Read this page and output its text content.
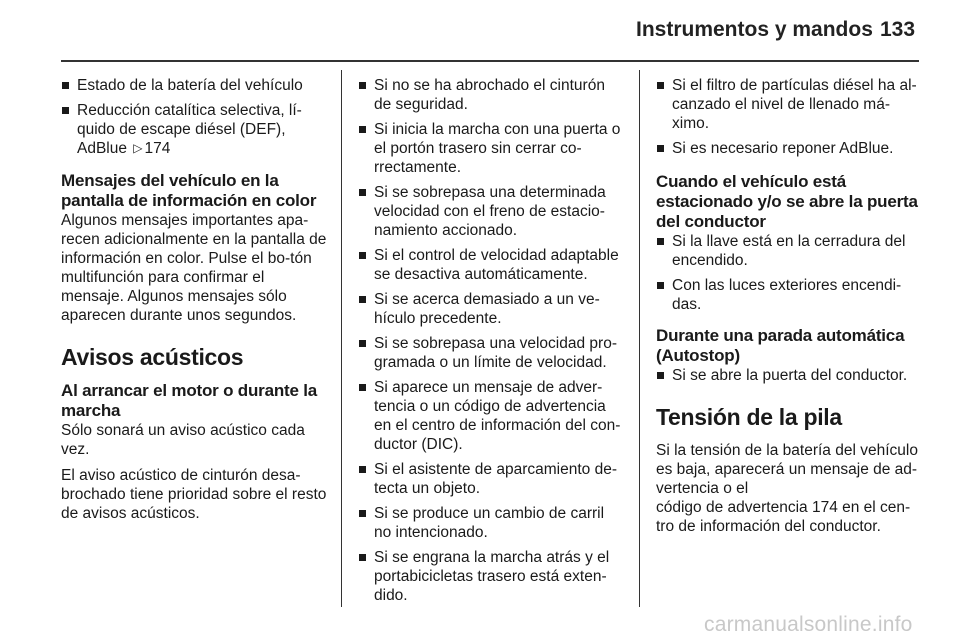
Instrumentos y mandos 133
Estado de la batería del vehículo
Reducción catalítica selectiva, lí-quido de escape diésel (DEF),
AdBlue ▷ 174
Mensajes del vehículo en la pantalla de información en color

Algunos mensajes importantes apa-recen adicionalmente en la pantalla de información en color. Pulse el bo-tón multifunción para confirmar el mensaje. Algunos mensajes sólo aparecen durante unos segundos.

Avisos acústicos
Al arrancar el motor o durante la marcha

Sólo sonará un aviso acústico cada vez.

El aviso acústico de cinturón desa-brochado tiene prioridad sobre el resto de avisos acústicos.

Si no se ha abrochado el cinturón de seguridad.
Si inicia la marcha con una puerta o el portón trasero sin cerrar co-rrectamente.
Si se sobrepasa una determinada velocidad con el freno de estacio-namiento accionado.
Si el control de velocidad adaptable se desactiva automáticamente.
Si se acerca demasiado a un ve-hículo precedente.
Si se sobrepasa una velocidad pro-gramada o un límite de velocidad.
Si aparece un mensaje de adver-tencia o un código de advertencia en el centro de información del con-ductor (DIC).
Si el asistente de aparcamiento de-tecta un objeto.
Si se produce un cambio de carril no intencionado.
Si se engrana la marcha atrás y el portabicicletas trasero está exten-dido.
Si el filtro de partículas diésel ha al-canzado el nivel de llenado má-ximo.
Si es necesario reponer AdBlue.
Cuando el vehículo está estacionado y/o se abre la puerta del conductor
Si la llave está en la cerradura del encendido.
Con las luces exteriores encendi-das.
Durante una parada automática (Autostop)
Si se abre la puerta del conductor.
Tensión de la pila

Si la tensión de la batería del vehículo es baja, aparecerá un mensaje de ad-vertencia o el

código de advertencia 174 en el cen-tro de información del conductor.

carmanualsonline.info
